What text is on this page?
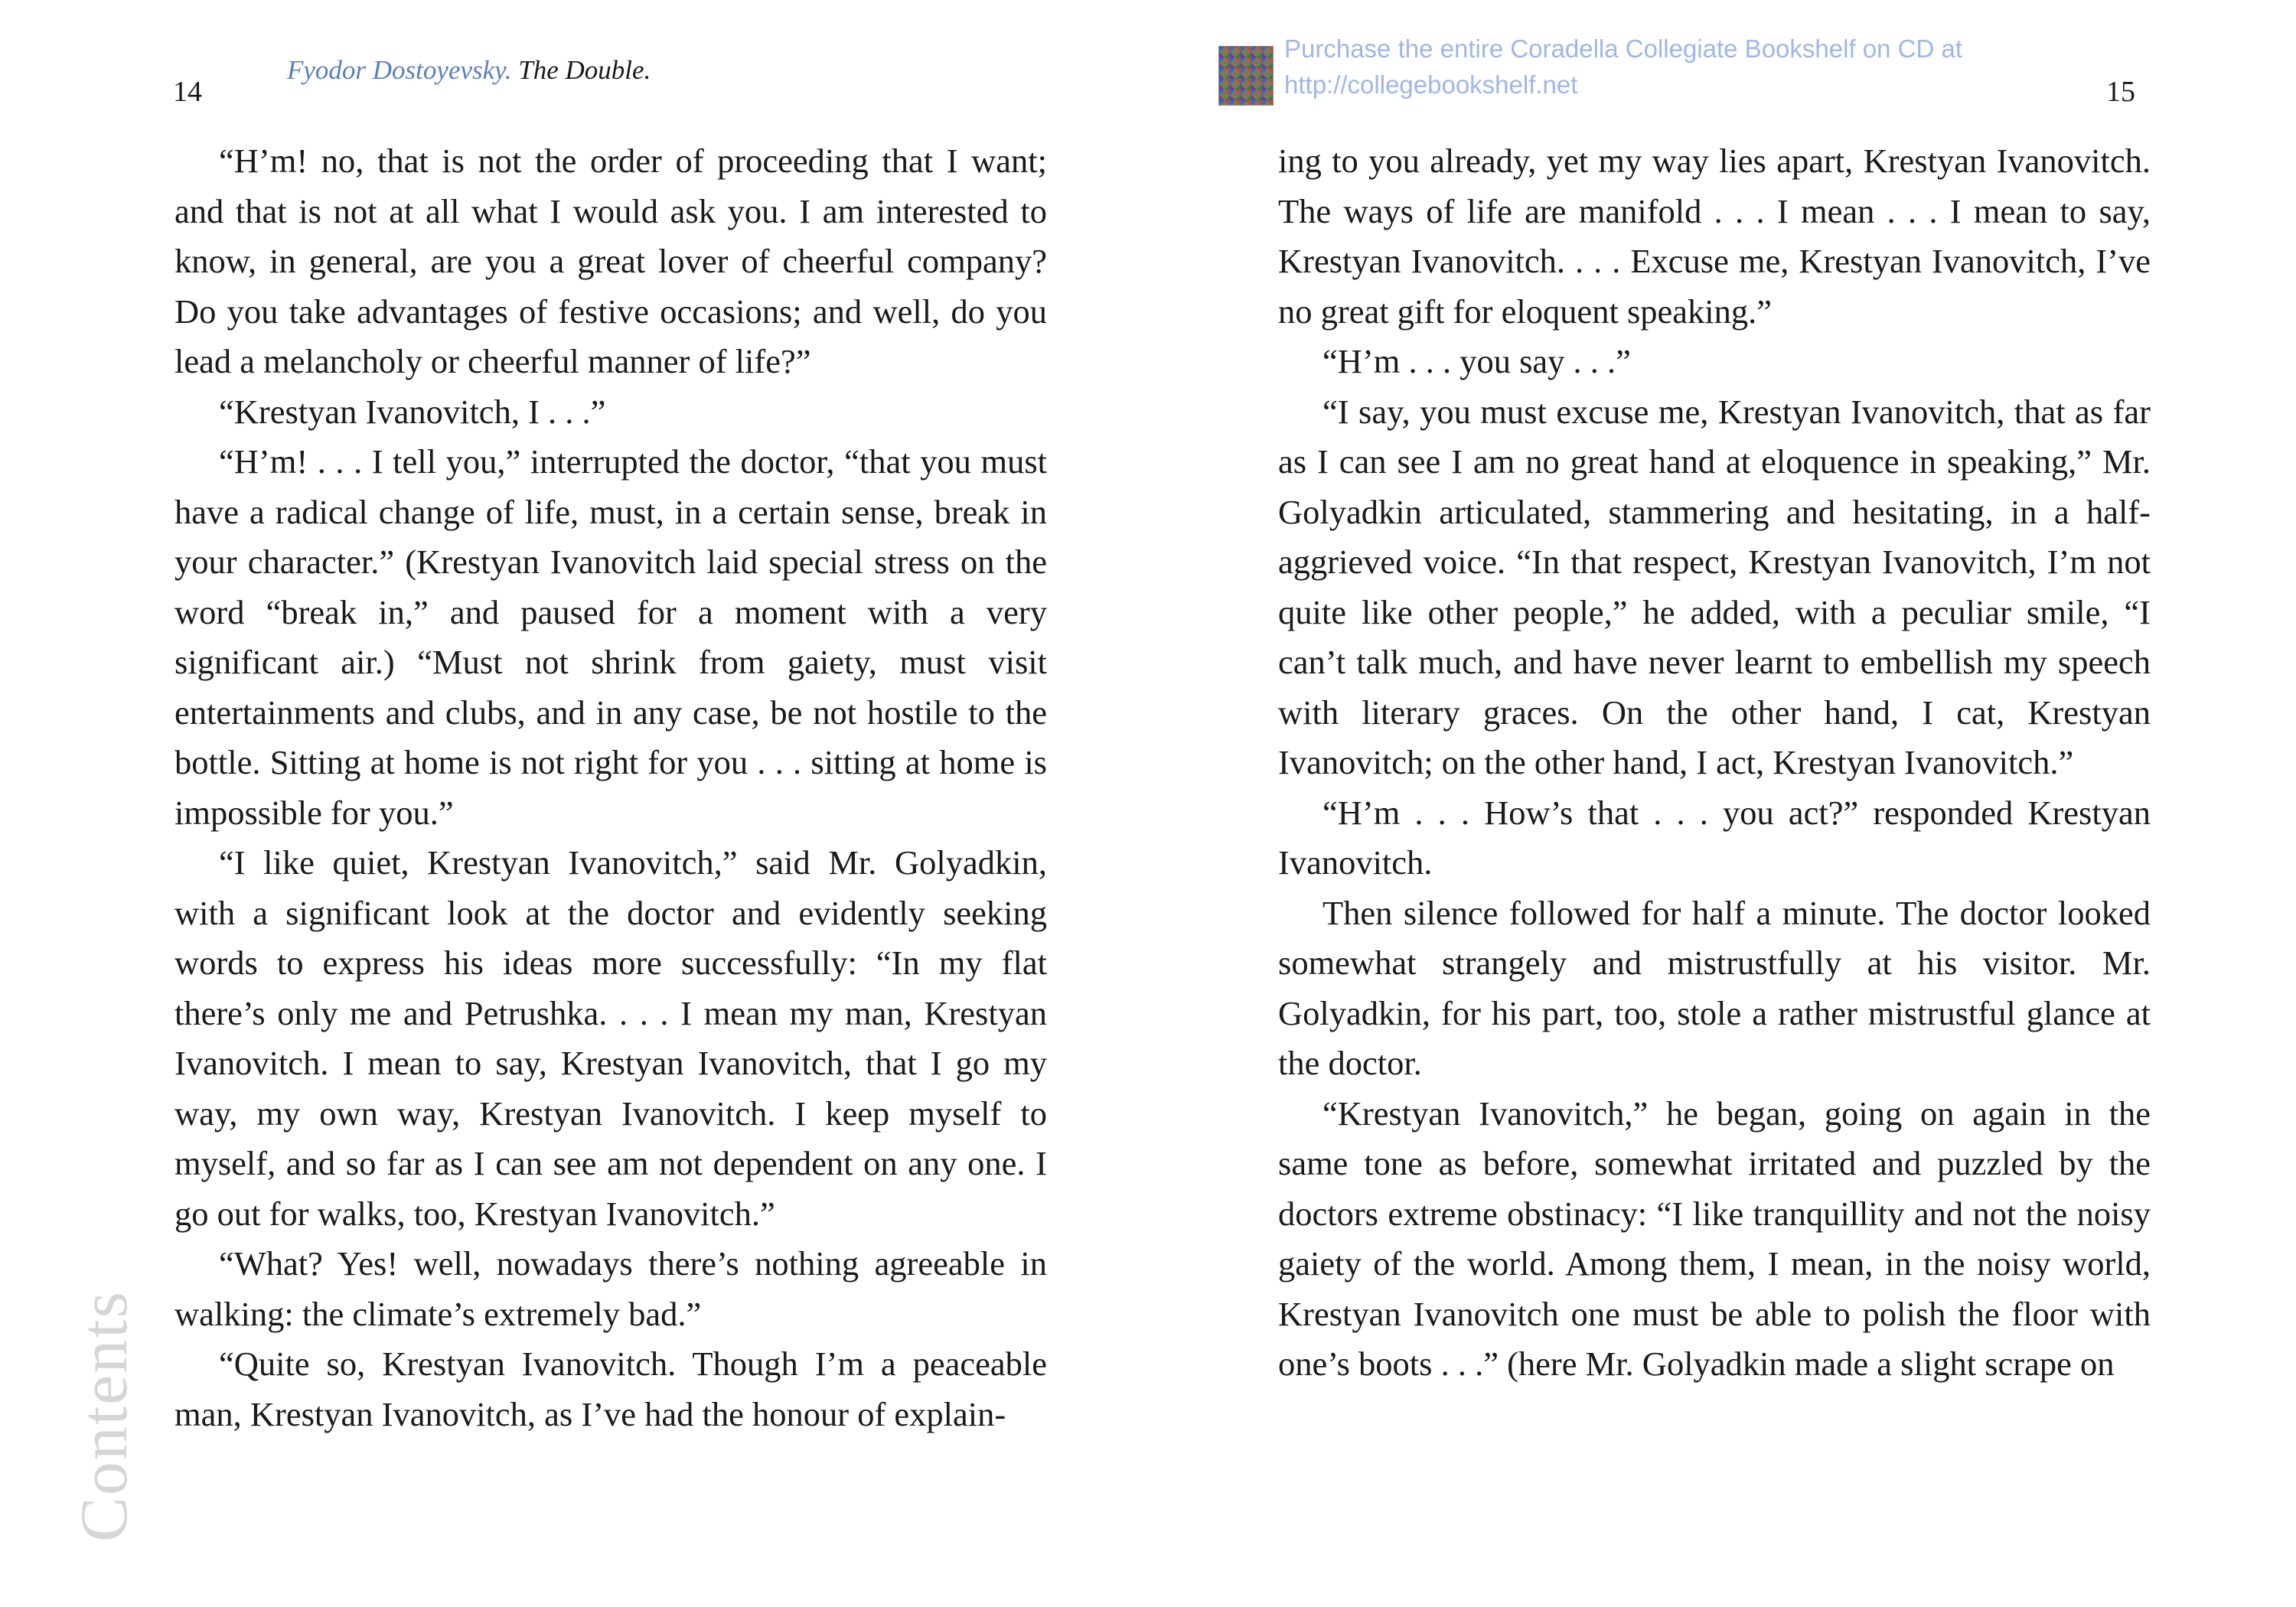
14
Fyodor Dostoyevsky. The Double.

“H’m! no, that is not the order of proceeding that I want; and that is not at all what I would ask you. I am interested to know, in general, are you a great lover of cheerful company? Do you take advantages of festive occasions; and well, do you lead a melancholy or cheerful manner of life?”

“Krestyan Ivanovitch, I . . .”

“H’m! . . . I tell you,” interrupted the doctor, “that you must have a radical change of life, must, in a certain sense, break in your character.” (Krestyan Ivanovitch laid special stress on the word “break in,” and paused for a moment with a very significant air.) “Must not shrink from gaiety, must visit entertainments and clubs, and in any case, be not hostile to the bottle. Sitting at home is not right for you . . . sitting at home is impossible for you.”

“I like quiet, Krestyan Ivanovitch,” said Mr. Golyadkin, with a significant look at the doctor and evidently seeking words to express his ideas more successfully: “In my flat there’s only me and Petrushka. . . . I mean my man, Krestyan Ivanovitch. I mean to say, Krestyan Ivanovitch, that I go my way, my own way, Krestyan Ivanovitch. I keep myself to myself, and so far as I can see am not dependent on any one. I go out for walks, too, Krestyan Ivanovitch.”

“What? Yes! well, nowadays there’s nothing agreeable in walking: the climate’s extremely bad.”

“Quite so, Krestyan Ivanovitch. Though I’m a peaceable man, Krestyan Ivanovitch, as I’ve had the honour of explain-

Contents
Purchase the entire Coradella Collegiate Bookshelf on CD at
http://collegebookshelf.net	15

ing to you already, yet my way lies apart, Krestyan Ivanovitch. The ways of life are manifold . . . I mean . . . I mean to say, Krestyan Ivanovitch. . . . Excuse me, Krestyan Ivanovitch, I’ve no great gift for eloquent speaking.”

“H’m . . . you say . . .”

“I say, you must excuse me, Krestyan Ivanovitch, that as far as I can see I am no great hand at eloquence in speaking,” Mr. Golyadkin articulated, stammering and hesitating, in a half-aggrieved voice. “In that respect, Krestyan Ivanovitch, I’m not quite like other people,” he added, with a peculiar smile, “I can’t talk much, and have never learnt to embellish my speech with literary graces. On the other hand, I cat, Krestyan Ivanovitch; on the other hand, I act, Krestyan Ivanovitch.”

“H’m . . . How’s that . . . you act?” responded Krestyan Ivanovitch.

Then silence followed for half a minute. The doctor looked somewhat strangely and mistrustfully at his visitor. Mr. Golyadkin, for his part, too, stole a rather mistrustful glance at the doctor.

“Krestyan Ivanovitch,” he began, going on again in the same tone as before, somewhat irritated and puzzled by the doctors extreme obstinacy: “I like tranquillity and not the noisy gaiety of the world. Among them, I mean, in the noisy world, Krestyan Ivanovitch one must be able to polish the floor with one’s boots . . .” (here Mr. Golyadkin made a slight scrape on
